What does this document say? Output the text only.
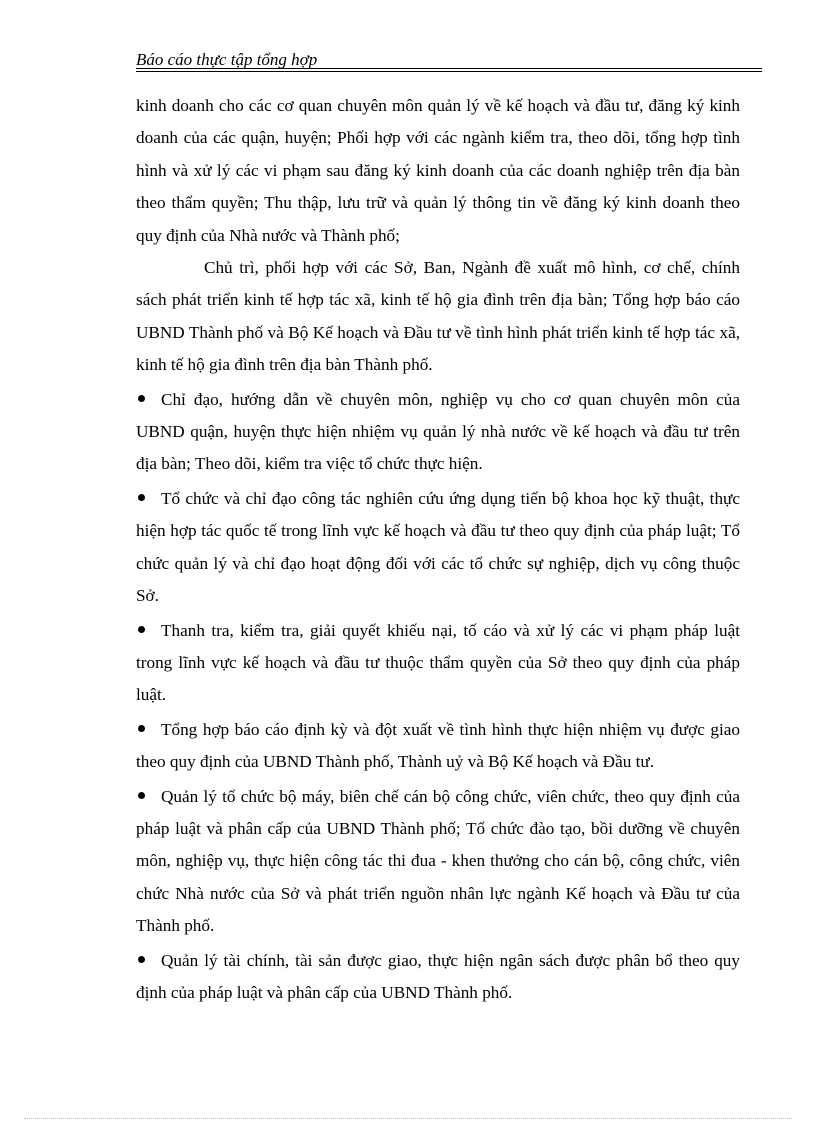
Báo cáo thực tập tổng hợp

kinh doanh cho các cơ quan chuyên môn quản lý về kế hoạch và đầu tư, đăng ký kinh doanh của các quận, huyện; Phối hợp với các ngành kiểm tra, theo dõi, tổng hợp tình hình và xử lý các vi phạm sau đăng ký kinh doanh của các doanh nghiệp trên địa bàn theo thẩm quyền; Thu thập, lưu trữ và quản lý thông tin về đăng ký kinh doanh theo quy định của Nhà nước và Thành phố;

Chủ trì, phối hợp với các Sở, Ban, Ngành đề xuất mô hình, cơ chế, chính sách phát triển kinh tế hợp tác xã, kinh tế hộ gia đình trên địa bàn; Tổng hợp báo cáo UBND Thành phố và Bộ Kế hoạch và Đầu tư về tình hình phát triển kinh tế hợp tác xã, kinh tế hộ gia đình trên địa bàn Thành phố.

Chỉ đạo, hướng dẫn về chuyên môn, nghiệp vụ cho cơ quan chuyên môn của UBND quận, huyện thực hiện nhiệm vụ quản lý nhà nước về kế hoạch và đầu tư trên địa bàn; Theo dõi, kiểm tra việc tổ chức thực hiện.

Tổ chức và chỉ đạo công tác nghiên cứu ứng dụng tiến bộ khoa học kỹ thuật, thực hiện hợp tác quốc tế trong lĩnh vực kế hoạch và đầu tư theo quy định của pháp luật; Tổ chức quản lý và chỉ đạo hoạt động đối với các tổ chức sự nghiệp, dịch vụ công thuộc Sở.

Thanh tra, kiểm tra, giải quyết khiếu nại, tố cáo và xử lý các vi phạm pháp luật trong lĩnh vực kế hoạch và đầu tư thuộc thẩm quyền của Sở theo quy định của pháp luật.

Tổng hợp báo cáo định kỳ và đột xuất về tình hình thực hiện nhiệm vụ được giao theo quy định của UBND Thành phố, Thành uỷ và Bộ Kế hoạch và Đầu tư.

Quản lý tổ chức bộ máy, biên chế cán bộ công chức, viên chức, theo quy định của pháp luật và phân cấp của UBND Thành phố; Tổ chức đào tạo, bồi dưỡng về chuyên môn, nghiệp vụ, thực hiện công tác thi đua - khen thưởng cho cán bộ, công chức, viên chức Nhà nước của Sở và phát triển nguồn nhân lực ngành Kế hoạch và Đầu tư của Thành phố.

Quản lý tài chính, tài sản được giao, thực hiện ngân sách được phân bổ theo quy định của pháp luật và phân cấp của UBND Thành phố.
